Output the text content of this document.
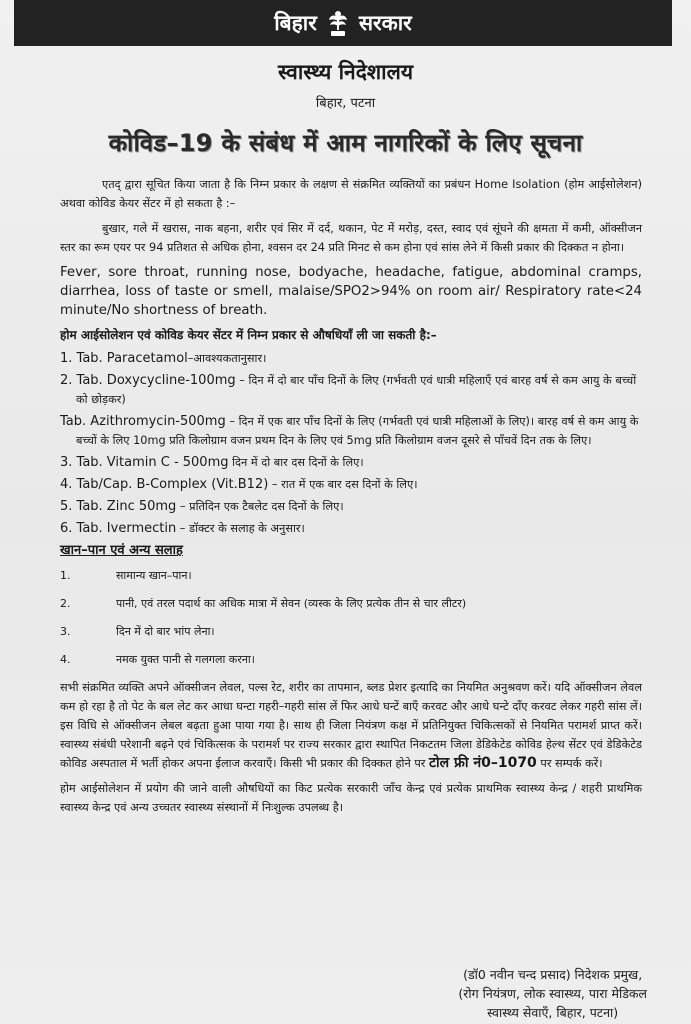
बिहार सरकार
स्वास्थ्य निदेशालय
बिहार, पटना
कोविड–19 के संबंध में आम नागरिकों के लिए सूचना

एतद् द्वारा सूचित किया जाता है कि निम्न प्रकार के लक्षण से संक्रमित व्यक्तियों का प्रबंधन Home Isolation (होम आईसोलेशन) अथवा कोविड केयर सेंटर में हो सकता है :–

बुखार, गले में खरास, नाक बहना, शरीर एवं सिर में दर्द, थकान, पेट में मरोड़, दस्त, स्वाद एवं सूंघने की क्षमता में कमी, ऑक्सीजन स्तर का रूम एयर पर 94 प्रतिशत से अधिक होना, श्वसन दर 24 प्रति मिनट से कम होना एवं सांस लेने में किसी प्रकार की दिक्कत न होना।

Fever, sore throat, running nose, bodyache, headache, fatigue, abdominal cramps, diarrhea, loss of taste or smell, malaise/SPO2>94% on room air/ Respiratory rate<24 minute/No shortness of breath.

होम आईसोलेशन एवं कोविड केयर सेंटर में निम्न प्रकार से औषधियाँ ली जा सकती है:–

1. Tab. Paracetamol–आवश्यकतानुसार।

2. Tab. Doxycycline-100mg – दिन में दो बार पाँच दिनों के लिए (गर्भवती एवं धात्री महिलाएँ एवं बारह वर्ष से कम आयु के बच्चों को छोड़कर)

Tab. Azithromycin-500mg – दिन में एक बार पाँच दिनों के लिए (गर्भवती एवं धात्री महिलाओं के लिए)। बारह वर्ष से कम आयु के बच्चों के लिए 10mg प्रति किलोग्राम वजन प्रथम दिन के लिए एवं 5mg प्रति किलोग्राम वजन दूसरे से पाँचवें दिन तक के लिए।

3. Tab. Vitamin C - 500mg दिन में दो बार दस दिनों के लिए।

4. Tab/Cap. B-Complex (Vit.B12) – रात में एक बार दस दिनों के लिए।

5. Tab. Zinc 50mg – प्रतिदिन एक टैबलेट दस दिनों के लिए।

6. Tab. Ivermectin – डॉक्टर के सलाह के अनुसार।

खान–पान एवं अन्य सलाह

1.	सामान्य खान–पान।
2.	पानी, एवं तरल पदार्थ का अधिक मात्रा में सेवन (व्यस्क के लिए प्रत्येक तीन से चार लीटर)
3.	दिन में दो बार भांप लेना।
4.	नमक युक्त पानी से गलगला करना।

सभी संक्रमित व्यक्ति अपने ऑक्सीजन लेवल, पल्स रेट, शरीर का तापमान, ब्लड प्रेशर इत्यादि का नियमित अनुश्रवण करें। यदि ऑक्सीजन लेवल कम हो रहा है तो पेट के बल लेट कर आधा घन्टा गहरी–गहरी सांस लें फिर आधे घन्टें बाएँ करवट और आधे घन्टे दाँए करवट लेकर गहरी सांस लें। इस विधि से ऑक्सीजन लेबल बढ़ता हुआ पाया गया है। साथ ही जिला नियंत्रण कक्ष में प्रतिनियुक्त चिकित्सकों से नियमित परामर्श प्राप्त करें। स्वास्थ्य संबंधी परेशानी बढ़ने एवं चिकित्सक के परामर्श पर राज्य सरकार द्वारा स्थापित निकटतम जिला डेडिकेटेड कोविड हेल्थ सेंटर एवं डेडिकेटेड कोविड अस्पताल में भर्ती होकर अपना ईलाज करवाएँ। किसी भी प्रकार की दिक्कत होने पर टोल फ्री नं0–1070 पर सम्पर्क करें।

होम आईसोलेशन में प्रयोग की जाने वाली औषधियों का किट प्रत्येक सरकारी जाँच केन्द्र एवं प्रत्येक प्राथमिक स्वास्थ्य केन्द्र / शहरी प्राथमिक स्वास्थ्य केन्द्र एवं अन्य उच्चतर स्वास्थ्य संस्थानों में निःशुल्क उपलब्ध है।

(डॉ0 नवीन चन्द प्रसाद) निदेशक प्रमुख,
(रोग नियंत्रण, लोक स्वास्थ्य, पारा मेडिकल
स्वास्थ्य सेवाएँ, बिहार, पटना)
